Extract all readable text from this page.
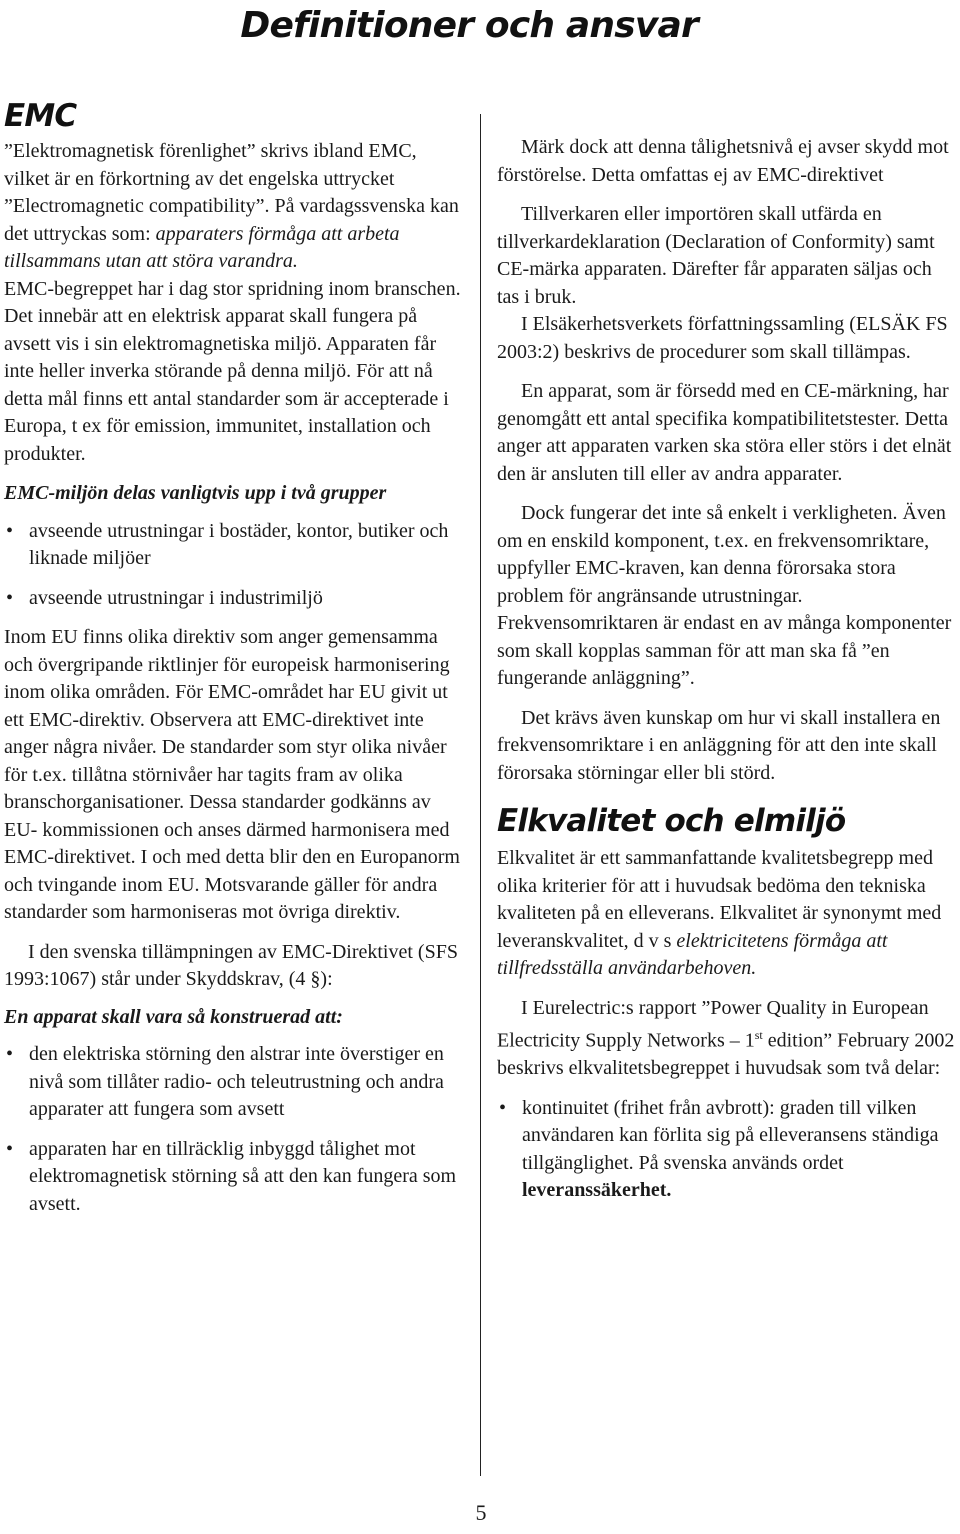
Definitioner och ansvar
EMC

”Elektromagnetisk förenlighet” skrivs ibland EMC, vilket är en förkortning av det engelska uttrycket ”Electromagnetic compatibility”. På vardagssvenska kan det uttryckas som: apparaters förmåga att arbeta tillsammans utan att störa varandra.

EMC-begreppet har i dag stor spridning inom branschen. Det innebär att en elektrisk apparat skall fungera på avsett vis i sin elektromagnetiska miljö. Apparaten får inte heller inverka störande på denna miljö. För att nå detta mål finns ett antal standarder som är accepterade i Europa, t ex för emission, immunitet, installation och produkter.

EMC-miljön delas vanligtvis upp i två grupper
• avseende utrustningar i bostäder, kontor, butiker och liknade miljöer
• avseende utrustningar i industrimiljö

Inom EU finns olika direktiv som anger gemensamma och övergripande riktlinjer för europeisk harmonisering inom olika områden. För EMC-området har EU givit ut ett EMC-direktiv. Observera att EMC-direktivet inte anger några nivåer. De standarder som styr olika nivåer för t.ex. tillåtna störnivåer har tagits fram av olika branschorganisationer. Dessa standarder godkänns av EU- kommissionen och anses därmed harmonisera med EMC-direktivet. I och med detta blir den en Europanorm och tvingande inom EU. Motsvarande gäller för andra standarder som harmoniseras mot övriga direktiv.

I den svenska tillämpningen av EMC-Direktivet (SFS 1993:1067) står under Skyddskrav, (4 §):

En apparat skall vara så konstruerad att:
• den elektriska störning den alstrar inte överstiger en nivå som tillåter radio- och teleutrustning och andra apparater att fungera som avsett
• apparaten har en tillräcklig inbyggd tålighet mot elektromagnetisk störning så att den kan fungera som avsett.

Märk dock att denna tålighetsnivå ej avser skydd mot förstörelse. Detta omfattas ej av EMC-direktivet

Tillverkaren eller importören skall utfärda en tillverkardeklaration (Declaration of Conformity) samt CE-märka apparaten. Därefter får apparaten säljas och tas i bruk.

I Elsäkerhetsverkets författningssamling (ELSÄK FS 2003:2) beskrivs de procedurer som skall tillämpas.

En apparat, som är försedd med en CE-märkning, har genomgått ett antal specifika kompatibilitetstester. Detta anger att apparaten varken ska störa eller störs i det elnät den är ansluten till eller av andra apparater.

Dock fungerar det inte så enkelt i verkligheten. Även om en enskild komponent, t.ex. en frekvensomriktare, uppfyller EMC-kraven, kan denna förorsaka stora problem för angränsande utrustningar. Frekvensomriktaren är endast en av många komponenter som skall kopplas samman för att man ska få ”en fungerande anläggning”.

Det krävs även kunskap om hur vi skall installera en frekvensomriktare i en anläggning för att den inte skall förorsaka störningar eller bli störd.

Elkvalitet och elmiljö

Elkvalitet är ett sammanfattande kvalitetsbegrepp med olika kriterier för att i huvudsak bedöma den tekniska kvaliteten på en elleverans. Elkvalitet är synonymt med leveranskvalitet, d v s elektricitetens förmåga att tillfredsställa användarbehoven.

I Eurelectric:s rapport ”Power Quality in European Electricity Supply Networks – 1st edition” February 2002 beskrivs elkvalitetsbegreppet i huvudsak som två delar:

• kontinuitet (frihet från avbrott): graden till vilken användaren kan förlita sig på elleveransens ständiga tillgänglighet. På svenska används ordet leveranssäkerhet.
5
